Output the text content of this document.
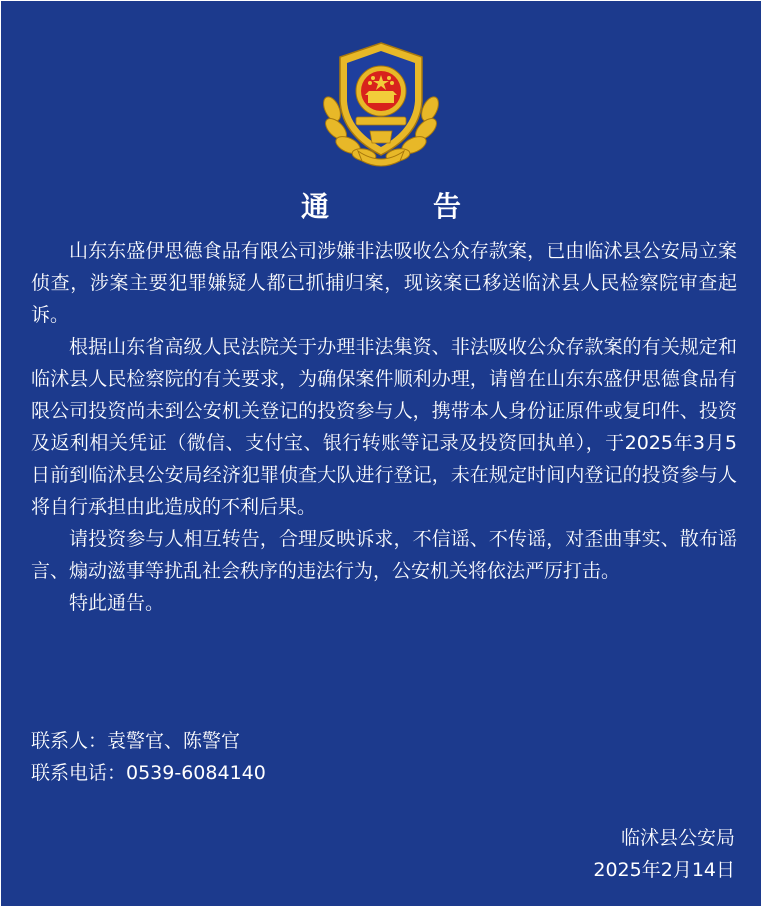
通　告

山东东盛伊思德食品有限公司涉嫌非法吸收公众存款案，已由临沭县公安局立案侦查，涉案主要犯罪嫌疑人都已抓捕归案，现该案已移送临沭县人民检察院审查起诉。

根据山东省高级人民法院关于办理非法集资、非法吸收公众存款案的有关规定和临沭县人民检察院的有关要求，为确保案件顺利办理，请曾在山东东盛伊思德食品有限公司投资尚未到公安机关登记的投资参与人，携带本人身份证原件或复印件、投资及返利相关凭证（微信、支付宝、银行转账等记录及投资回执单），于2025年3月5日前到临沭县公安局经济犯罪侦查大队进行登记，未在规定时间内登记的投资参与人将自行承担由此造成的不利后果。

请投资参与人相互转告，合理反映诉求，不信谣、不传谣，对歪曲事实、散布谣言、煽动滋事等扰乱社会秩序的违法行为，公安机关将依法严厉打击。

特此通告。

联系人：袁警官、陈警官
联系电话：0539-6084140
临沭县公安局
2025年2月14日
